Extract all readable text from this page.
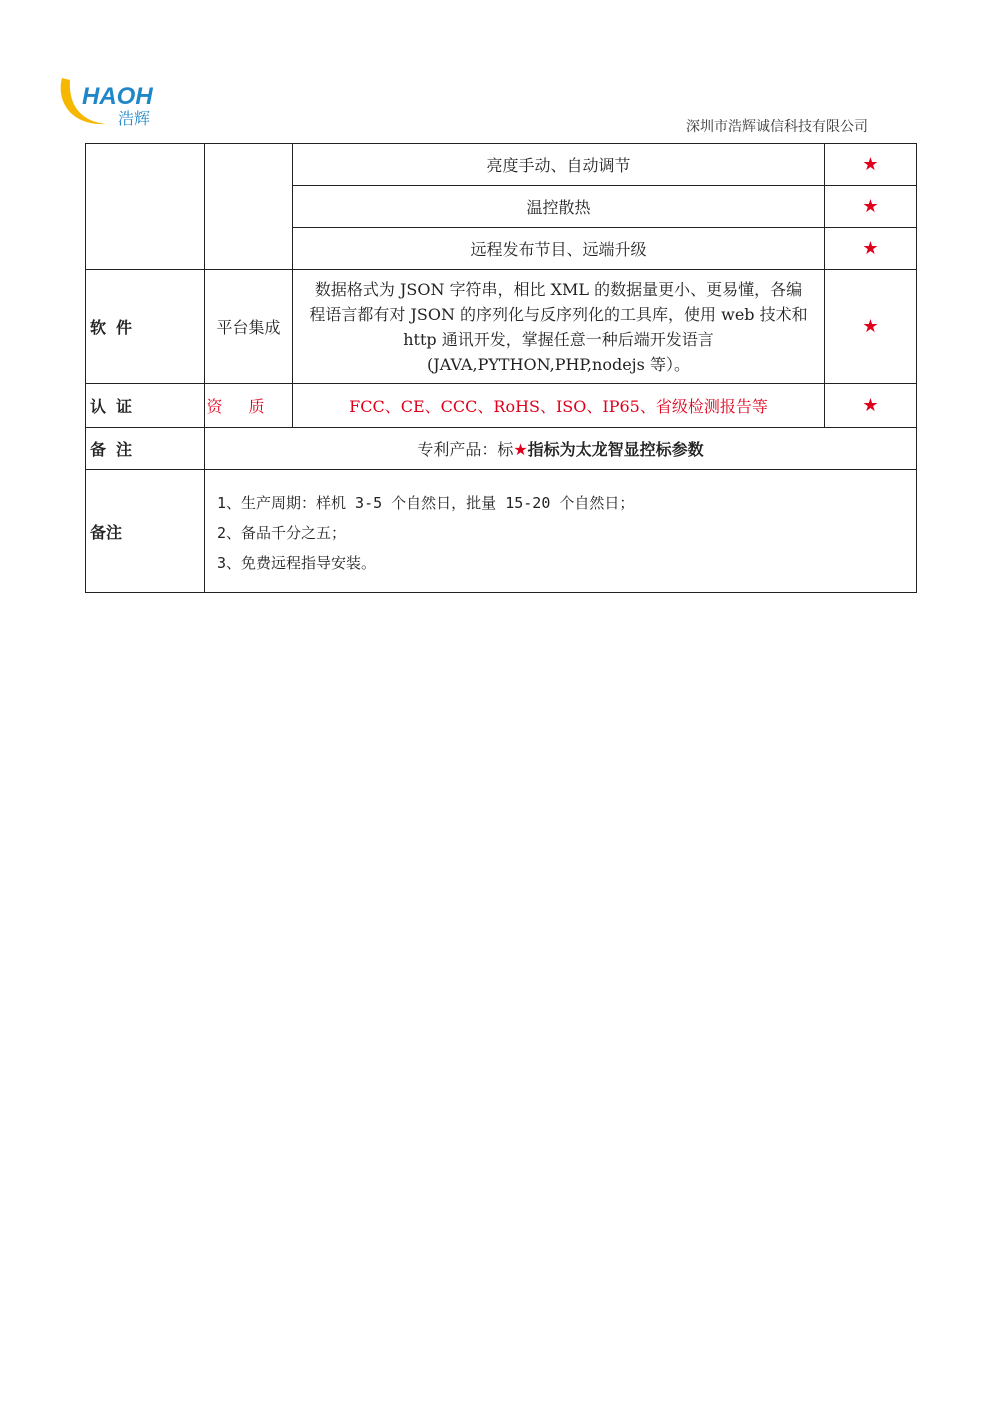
HAOH
浩辉	深圳市浩辉诚信科技有限公司
		亮度手动、自动调节	★
		温控散热	★
		远程发布节目、远端升级	★
软件	平台集成	数据格式为 JSON 字符串，相比 XML 的数据量更小、更易懂，各编
程语言都有对 JSON 的序列化与反序列化的工具库，使用 web 技术和
http 通讯开发，掌握任意一种后端开发语言
(JAVA,PYTHON,PHP,nodejs 等）。	★
认证	资质	FCC、CE、CCC、RoHS、ISO、IP65、省级检测报告等	★
备注	专利产品：标★指标为太龙智显控标参数		
备注	1、生产周期：样机 3-5 个自然日，批量 15-20 个自然日；
2、备品千分之五；
3、免费远程指导安装。		
